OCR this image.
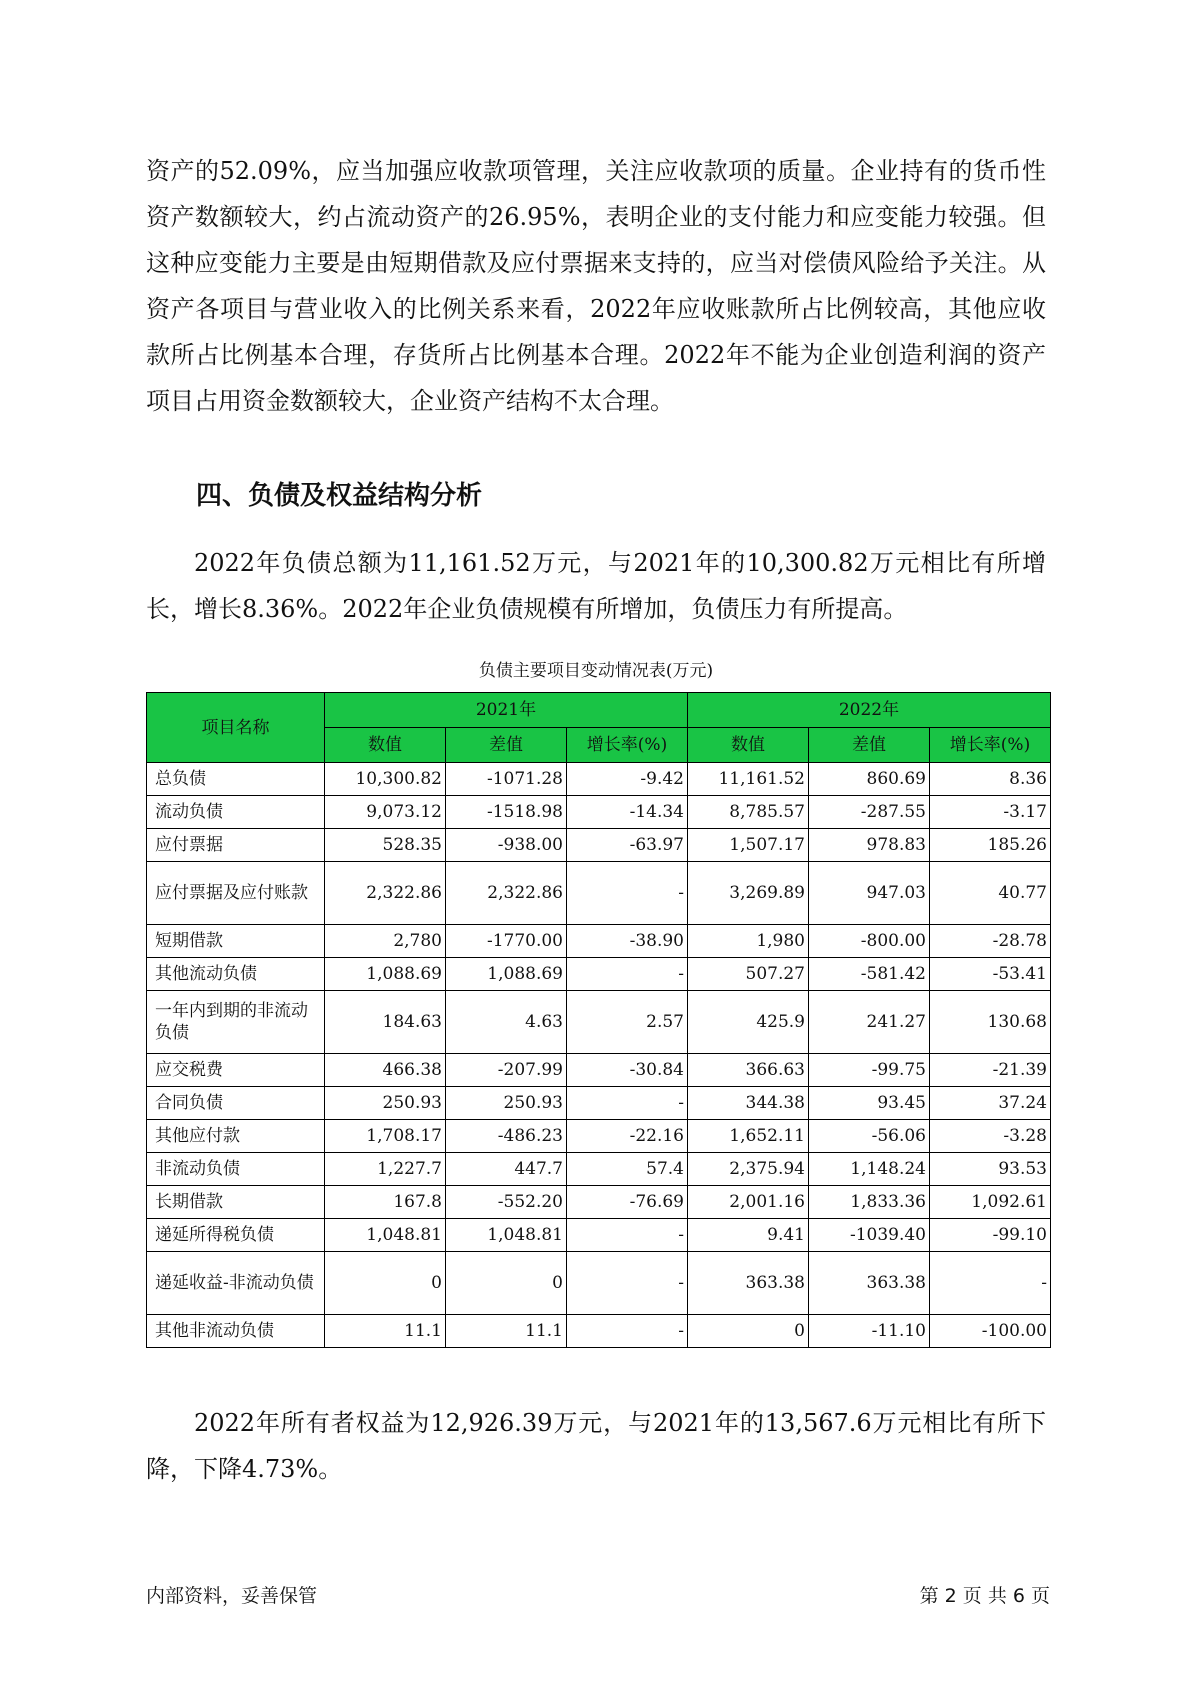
资产的52.09%，应当加强应收款项管理，关注应收款项的质量。企业持有的货币性资产数额较大，约占流动资产的26.95%，表明企业的支付能力和应变能力较强。但这种应变能力主要是由短期借款及应付票据来支持的，应当对偿债风险给予关注。从资产各项目与营业收入的比例关系来看，2022年应收账款所占比例较高，其他应收款所占比例基本合理，存货所占比例基本合理。2022年不能为企业创造利润的资产项目占用资金数额较大，企业资产结构不太合理。

四、负债及权益结构分析

2022年负债总额为11,161.52万元，与2021年的10,300.82万元相比有所增长，增长8.36%。2022年企业负债规模有所增加，负债压力有所提高。

负债主要项目变动情况表(万元)

项目名称	2021年			2022年		
	数值	差值	增长率(%)	数值	差值	增长率(%)
总负债	10,300.82	-1071.28	-9.42	11,161.52	860.69	8.36
流动负债	9,073.12	-1518.98	-14.34	8,785.57	-287.55	-3.17
应付票据	528.35	-938.00	-63.97	1,507.17	978.83	185.26
应付票据及应付账款	2,322.86	2,322.86	-	3,269.89	947.03	40.77
短期借款	2,780	-1770.00	-38.90	1,980	-800.00	-28.78
其他流动负债	1,088.69	1,088.69	-	507.27	-581.42	-53.41
一年内到期的非流动负债	184.63	4.63	2.57	425.9	241.27	130.68
应交税费	466.38	-207.99	-30.84	366.63	-99.75	-21.39
合同负债	250.93	250.93	-	344.38	93.45	37.24
其他应付款	1,708.17	-486.23	-22.16	1,652.11	-56.06	-3.28
非流动负债	1,227.7	447.7	57.4	2,375.94	1,148.24	93.53
长期借款	167.8	-552.20	-76.69	2,001.16	1,833.36	1,092.61
递延所得税负债	1,048.81	1,048.81	-	9.41	-1039.40	-99.10
递延收益-非流动负债	0	0	-	363.38	363.38	-
其他非流动负债	11.1	11.1	-	0	-11.10	-100.00

2022年所有者权益为12,926.39万元，与2021年的13,567.6万元相比有所下降，下降4.73%。

内部资料，妥善保管	第 2 页 共 6 页
